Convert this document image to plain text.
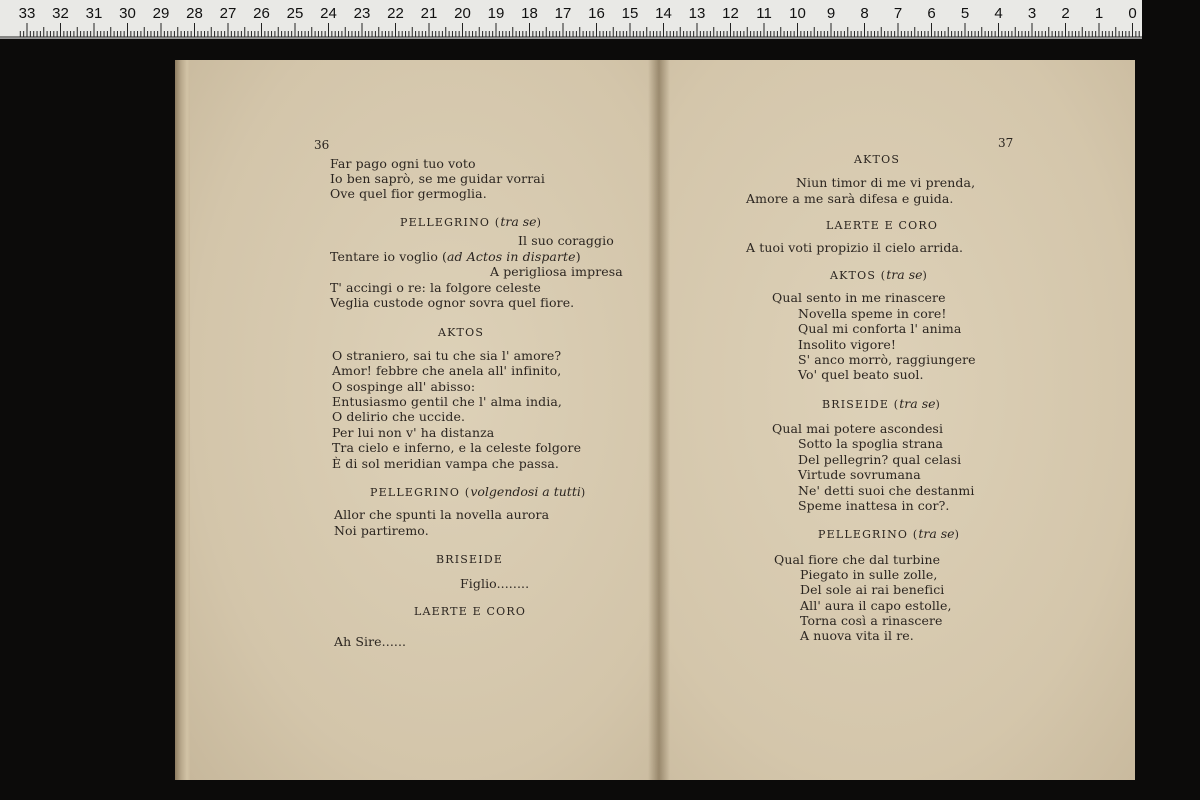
33 32 31 30 29 28 27 26 25 24 23 22 21 20 19 18 17 16 15 14 13 12 11 10 9 8 7 6 5 4 3 2 1 0
36
Far pago ogni tuo voto
Io ben saprò, se me guidar vorrai
Ove quel fior germoglia.
PELLEGRINO (tra se)
Il suo coraggio
Tentare io voglio (ad Actos in disparte)
A perigliosa impresa
T' accingi o re: la folgore celeste
Veglia custode ognor sovra quel fiore.
AKTOS
O straniero, sai tu che sia l' amore?
Amor! febbre che anela all' infinito,
O sospinge all' abisso:
Entusiasmo gentil che l' alma india,
O delirio che uccide.
Per lui non v' ha distanza
Tra cielo e inferno, e la celeste folgore
È di sol meridian vampa che passa.
PELLEGRINO (volgendosi a tutti)
Allor che spunti la novella aurora
Noi partiremo.
BRISEIDE
Figlio........
LAERTE E CORO
Ah Sire......
37
AKTOS
Niun timor di me vi prenda,
Amore a me sarà difesa e guida.
LAERTE E CORO
A tuoi voti propizio il cielo arrida.
AKTOS (tra se)
Qual sento in me rinascere
Novella speme in core!
Qual mi conforta l' anima
Insolito vigore!
S' anco morrò, raggiungere
Vo' quel beato suol.
BRISEIDE (tra se)
Qual mai potere ascondesi
Sotto la spoglia strana
Del pellegrin? qual celasi
Virtude sovrumana
Ne' detti suoi che destanmi
Speme inattesa in cor?.
PELLEGRINO (tra se)
Qual fiore che dal turbine
Piegato in sulle zolle,
Del sole ai rai benefici
All' aura il capo estolle,
Torna così a rinascere
A nuova vita il re.
